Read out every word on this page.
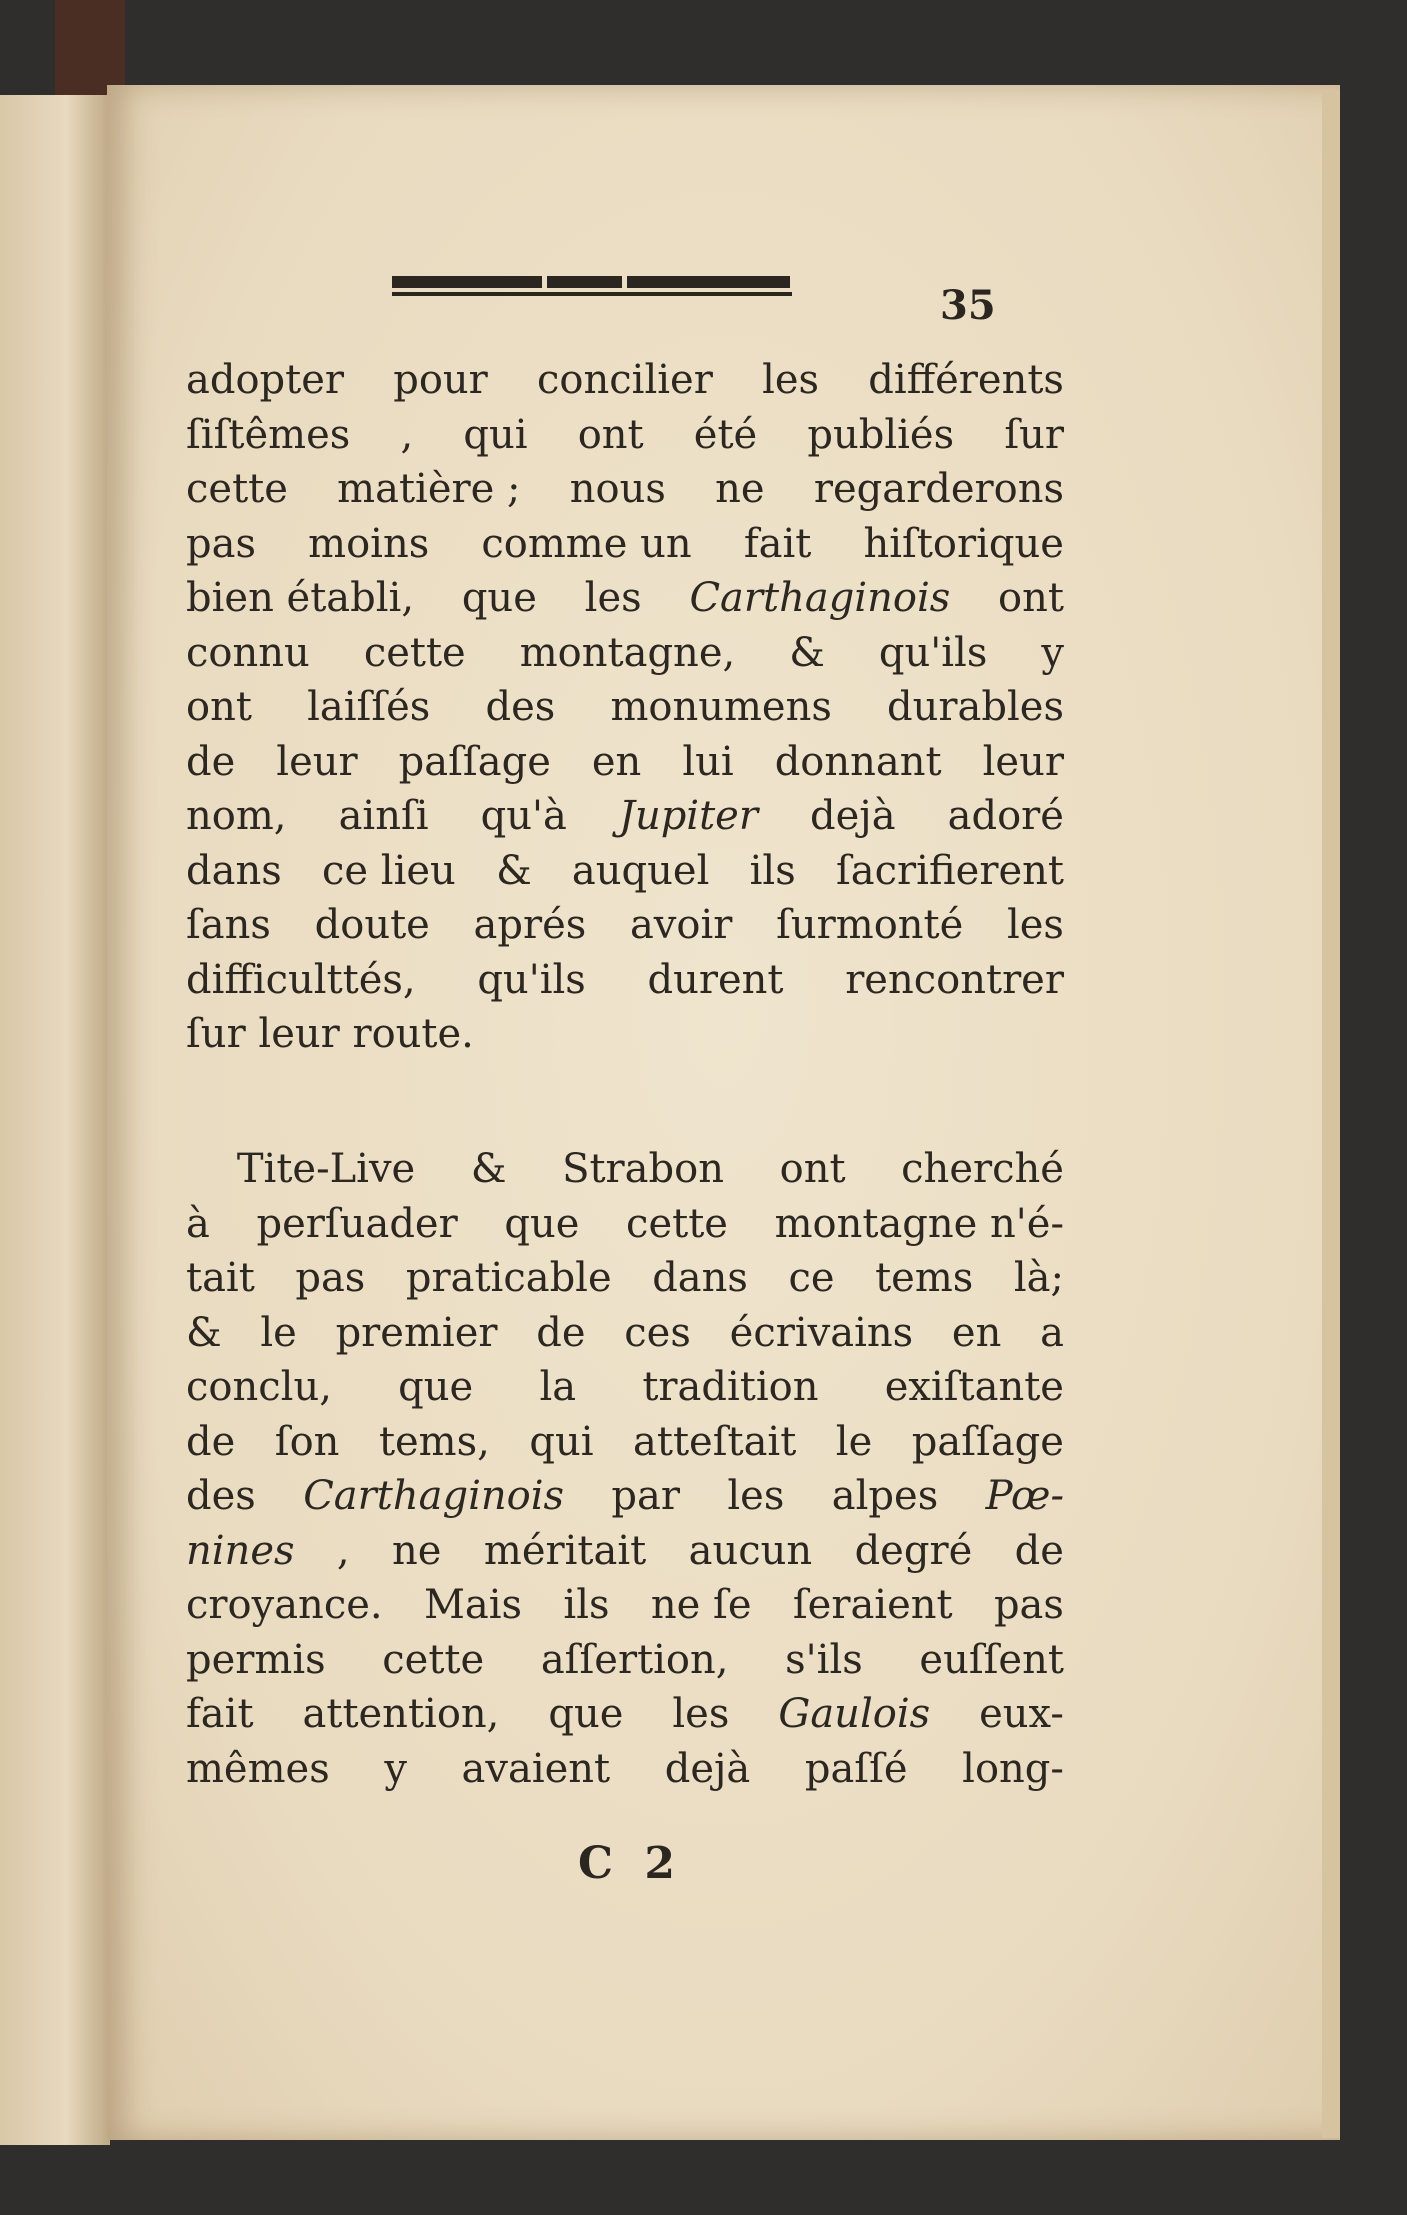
35
adopter pour concilier les différents
ſiſtêmes , qui ont été publiés ſur
cette matière ; nous ne regarderons
pas moins comme un fait hiſtorique
bien établi, que les Carthaginois ont
connu cette montagne, & qu'ils y
ont laiſſés des monumens durables
de leur paſſage en lui donnant leur
nom, ainſi qu'à Jupiter dejà adoré
dans ce lieu & auquel ils ſacrifierent
ſans doute aprés avoir ſurmonté les
difficulttés, qu'ils durent rencontrer
ſur leur route.
Tite-Live & Strabon ont cherché
à perſuader que cette montagne n'é-
tait pas praticable dans ce tems là;
& le premier de ces écrivains en a
conclu, que la tradition exiſtante
de ſon tems, qui atteſtait le paſſage
des Carthaginois par les alpes Pœ-
nines , ne méritait aucun degré de
croyance. Mais ils ne ſe ſeraient pas
permis cette aſſertion, s'ils euſſent
fait attention, que les Gaulois eux-
mêmes y avaient dejà paſſé long-
C 2
